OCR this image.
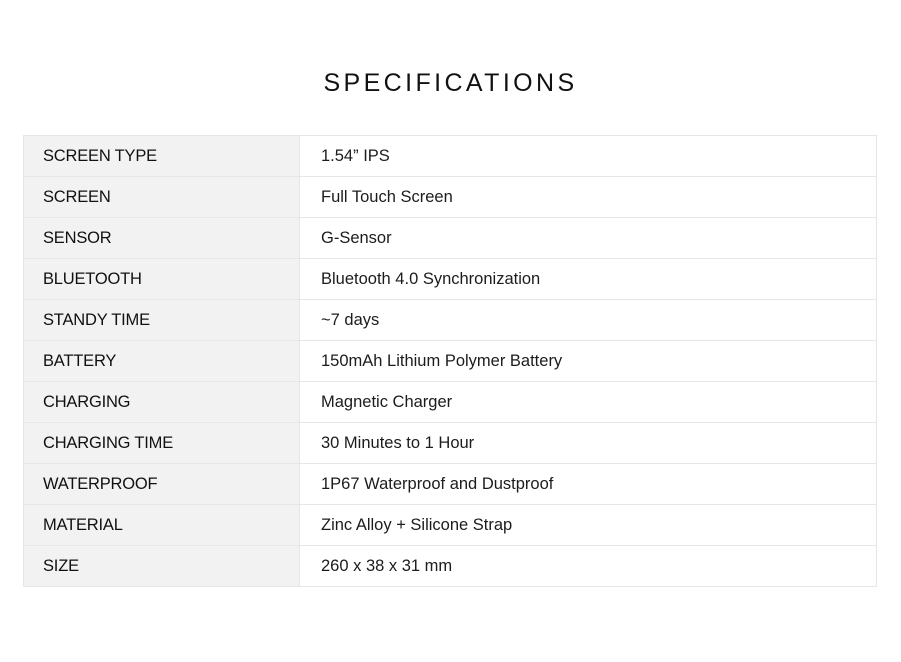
SPECIFICATIONS
SCREEN TYPE	1.54” IPS
SCREEN	Full Touch Screen
SENSOR	G-Sensor
BLUETOOTH	Bluetooth 4.0 Synchronization
STANDY TIME	~7 days
BATTERY	150mAh Lithium Polymer Battery
CHARGING	Magnetic Charger
CHARGING TIME	30 Minutes to 1 Hour
WATERPROOF	1P67 Waterproof and Dustproof
MATERIAL	Zinc Alloy + Silicone Strap
SIZE	260 x 38 x 31 mm
